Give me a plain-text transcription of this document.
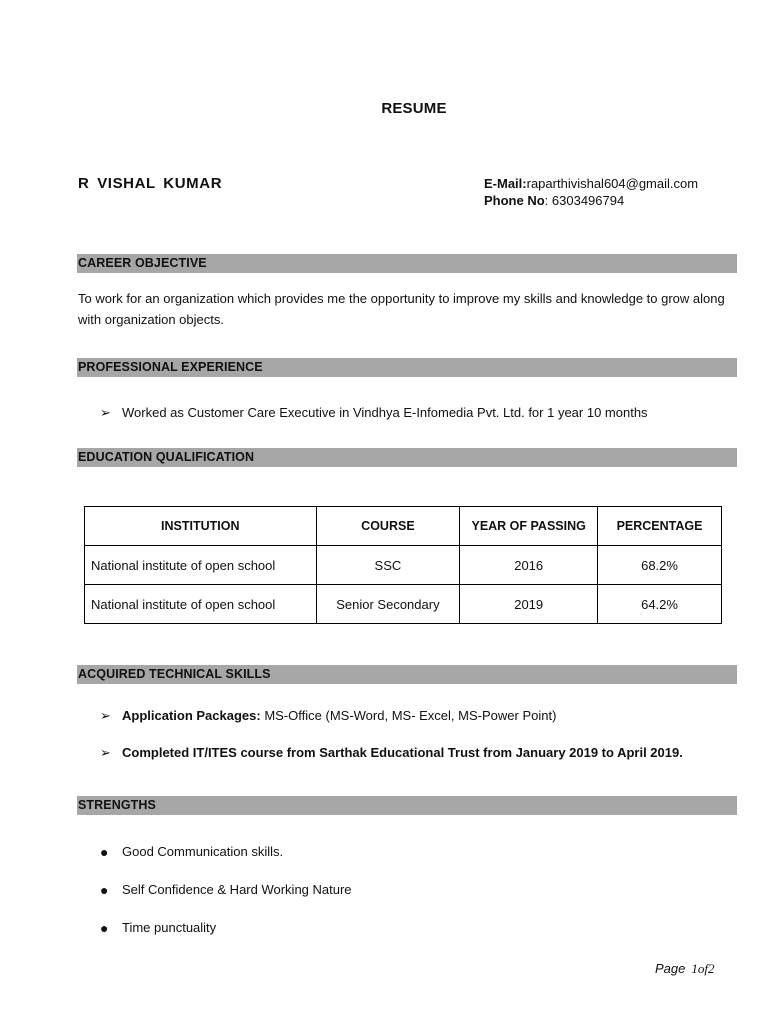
RESUME
R VISHAL KUMAR	E-Mail:raparthivishal604@gmail.com
Phone No: 6303496794
CAREER OBJECTIVE
To work for an organization which provides me the opportunity to improve my skills and knowledge to grow along with organization objects.
PROFESSIONAL EXPERIENCE
➢ Worked as Customer Care Executive in Vindhya E-Infomedia Pvt. Ltd. for 1 year 10 months
EDUCATION QUALIFICATION
INSTITUTION	COURSE	YEAR OF PASSING	PERCENTAGE
National institute of open school	SSC	2016	68.2%
National institute of open school	Senior Secondary	2019	64.2%
ACQUIRED TECHNICAL SKILLS
➢ Application Packages: MS-Office (MS-Word, MS- Excel, MS-Power Point)
➢ Completed IT/ITES course from Sarthak Educational Trust from January 2019 to April 2019.
STRENGTHS
●	Good Communication skills.
●	Self Confidence & Hard Working Nature
●	Time punctuality
Page 1of2
